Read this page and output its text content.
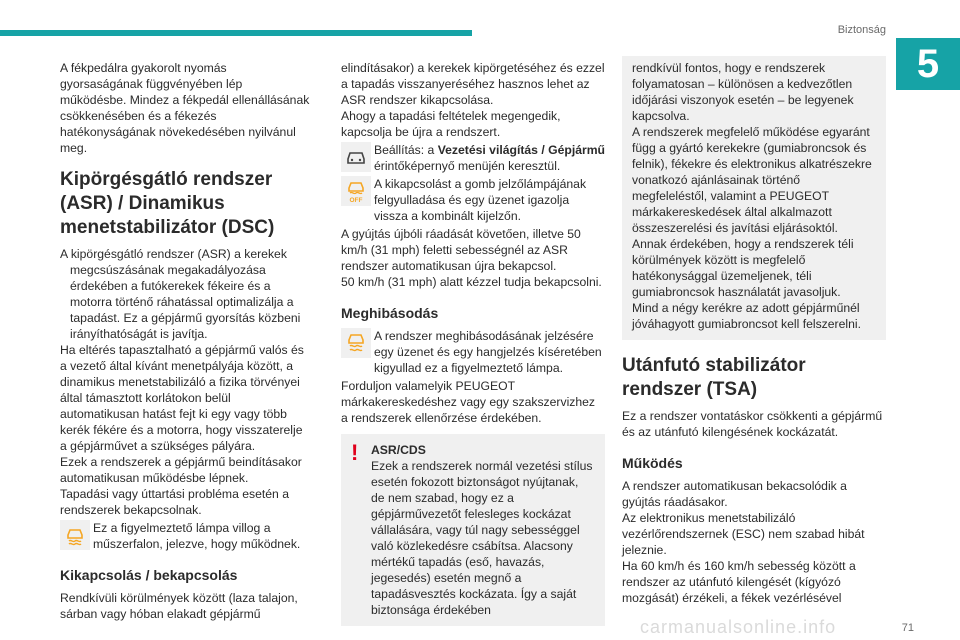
Biztonság
5

A fékpedálra gyakorolt nyomás gyorsaságának függvényében lép működésbe. Mindez a fékpedál ellenállásának csökkenésében és a fékezés hatékonyságának növekedésében nyilvánul meg.

Kipörgésgátló rendszer (ASR) / Dinamikus menetstabilizátor (DSC)

A kipörgésgátló rendszer (ASR) a kerekek megcsúszásának megakadályozása érdekében a futókerekek fékeire és a motorra történő ráhatással optimalizálja a tapadást. Ez a gépjármű gyorsítás közbeni irányíthatóságát is javítja.

Ha eltérés tapasztalható a gépjármű valós és a vezető által kívánt menetpályája között, a dinamikus menetstabilizáló a fizika törvényei által támasztott korlátokon belül automatikusan hatást fejt ki egy vagy több kerék fékére és a motorra, hogy visszaterelje a gépjárművet a szükséges pályára.

Ezek a rendszerek a gépjármű beindításakor automatikusan működésbe lépnek.

Tapadási vagy úttartási probléma esetén a rendszerek bekapcsolnak.

Ez a figyelmeztető lámpa villog a műszerfalon, jelezve, hogy működnek.
Kikapcsolás / bekapcsolás

Rendkívüli körülmények között (laza talajon, sárban vagy hóban elakadt gépjármű

elindításakor) a kerekek kipörgetéséhez és ezzel a tapadás visszanyeréséhez hasznos lehet az ASR rendszer kikapcsolása.

Ahogy a tapadási feltételek megengedik, kapcsolja be újra a rendszert.

Beállítás: a Vezetési világítás / Gépjármű érintőképernyő menüjén keresztül.
OFF
A kikapcsolást a gomb jelzőlámpájának felgyulladása és egy üzenet igazolja vissza a kombinált kijelzőn.

A gyújtás újbóli ráadását követően, illetve 50 km/h (31 mph) feletti sebességnél az ASR rendszer automatikusan újra bekapcsol.

50 km/h (31 mph) alatt kézzel tudja bekapcsolni.

Meghibásodás
A rendszer meghibásodásának jelzésére egy üzenet és egy hangjelzés kíséretében kigyullad ez a figyelmeztető lámpa.

Forduljon valamelyik PEUGEOT márkakereskedéshez vagy egy szakszervizhez a rendszerek ellenőrzése érdekében.

! ASR/CDS

Ezek a rendszerek normál vezetési stílus esetén fokozott biztonságot nyújtanak, de nem szabad, hogy ez a gépjárművezetőt felesleges kockázat vállalására, vagy túl nagy sebességgel való közlekedésre csábítsa. Alacsony mértékű tapadás (eső, havazás, jegesedés) esetén megnő a tapadásvesztés kockázata. Így a saját biztonsága érdekében

rendkívül fontos, hogy e rendszerek folyamatosan – különösen a kedvezőtlen időjárási viszonyok esetén – be legyenek kapcsolva.

A rendszerek megfelelő működése egyaránt függ a gyártó kerekekre (gumiabroncsok és felnik), fékekre és elektronikus alkatrészekre vonatkozó ajánlásainak történő megfeleléstől, valamint a PEUGEOT márkakereskedések által alkalmazott összeszerelési és javítási eljárásoktól.

Annak érdekében, hogy a rendszerek téli körülmények között is megfelelő hatékonysággal üzemeljenek, téli gumiabroncsok használatát javasoljuk.

Mind a négy kerékre az adott gépjárműnél jóváhagyott gumiabroncsot kell felszerelni.

Utánfutó stabilizátor rendszer (TSA)

Ez a rendszer vontatáskor csökkenti a gépjármű és az utánfutó kilengésének kockázatát.

Működés

A rendszer automatikusan bekacsolódik a gyújtás ráadásakor.

Az elektronikus menetstabilizáló vezérlőrendszernek (ESC) nem szabad hibát jeleznie.

Ha 60 km/h és 160 km/h sebesség között a rendszer az utánfutó kilengését (kígyózó mozgását) érzékeli, a fékek vezérlésével

carmanualsonline.info	71
